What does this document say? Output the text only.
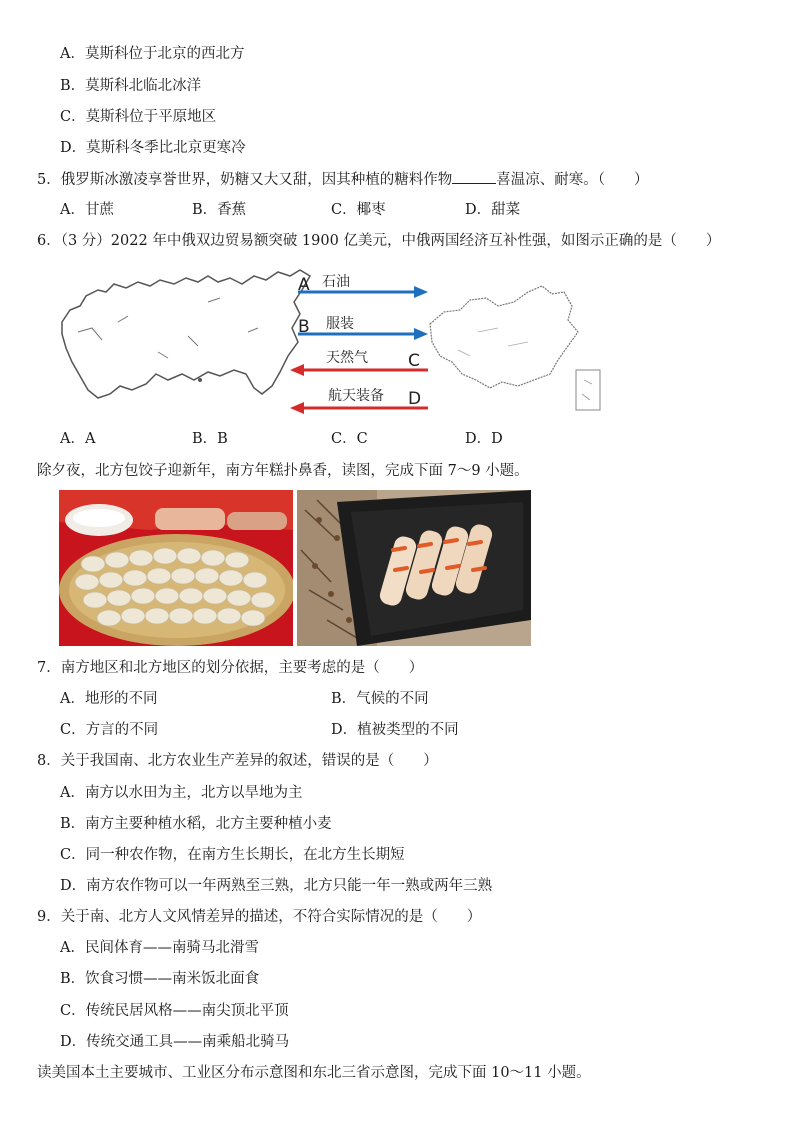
A．莫斯科位于北京的西北方
B．莫斯科北临北冰洋
C．莫斯科位于平原地区
D．莫斯科冬季比北京更寒冷
5．俄罗斯冰激凌享誉世界，奶糖又大又甜，因其种植的糖料作物	喜温凉、耐寒。（　　）
A．甘蔗	B．香蕉	C．椰枣	D．甜菜
6．（3 分）2022 年中俄双边贸易额突破 1900 亿美元，中俄两国经济互补性强，如图示正确的是（　　）
A 石油
B 服装
天然气 C
航天装备 D
A．A	B．B	C．C	D．D
除夕夜，北方包饺子迎新年，南方年糕扑鼻香，读图，完成下面 7～9 小题。
7．南方地区和北方地区的划分依据，主要考虑的是（　　）
A．地形的不同	B．气候的不同
C．方言的不同	D．植被类型的不同
8．关于我国南、北方农业生产差异的叙述，错误的是（　　）
A．南方以水田为主，北方以旱地为主
B．南方主要种植水稻，北方主要种植小麦
C．同一种农作物，在南方生长期长，在北方生长期短
D．南方农作物可以一年两熟至三熟，北方只能一年一熟或两年三熟
9．关于南、北方人文风情差异的描述，不符合实际情况的是（　　）
A．民间体育——南骑马北滑雪
B．饮食习惯——南米饭北面食
C．传统民居风格——南尖顶北平顶
D．传统交通工具——南乘船北骑马
读美国本土主要城市、工业区分布示意图和东北三省示意图，完成下面 10～11 小题。
